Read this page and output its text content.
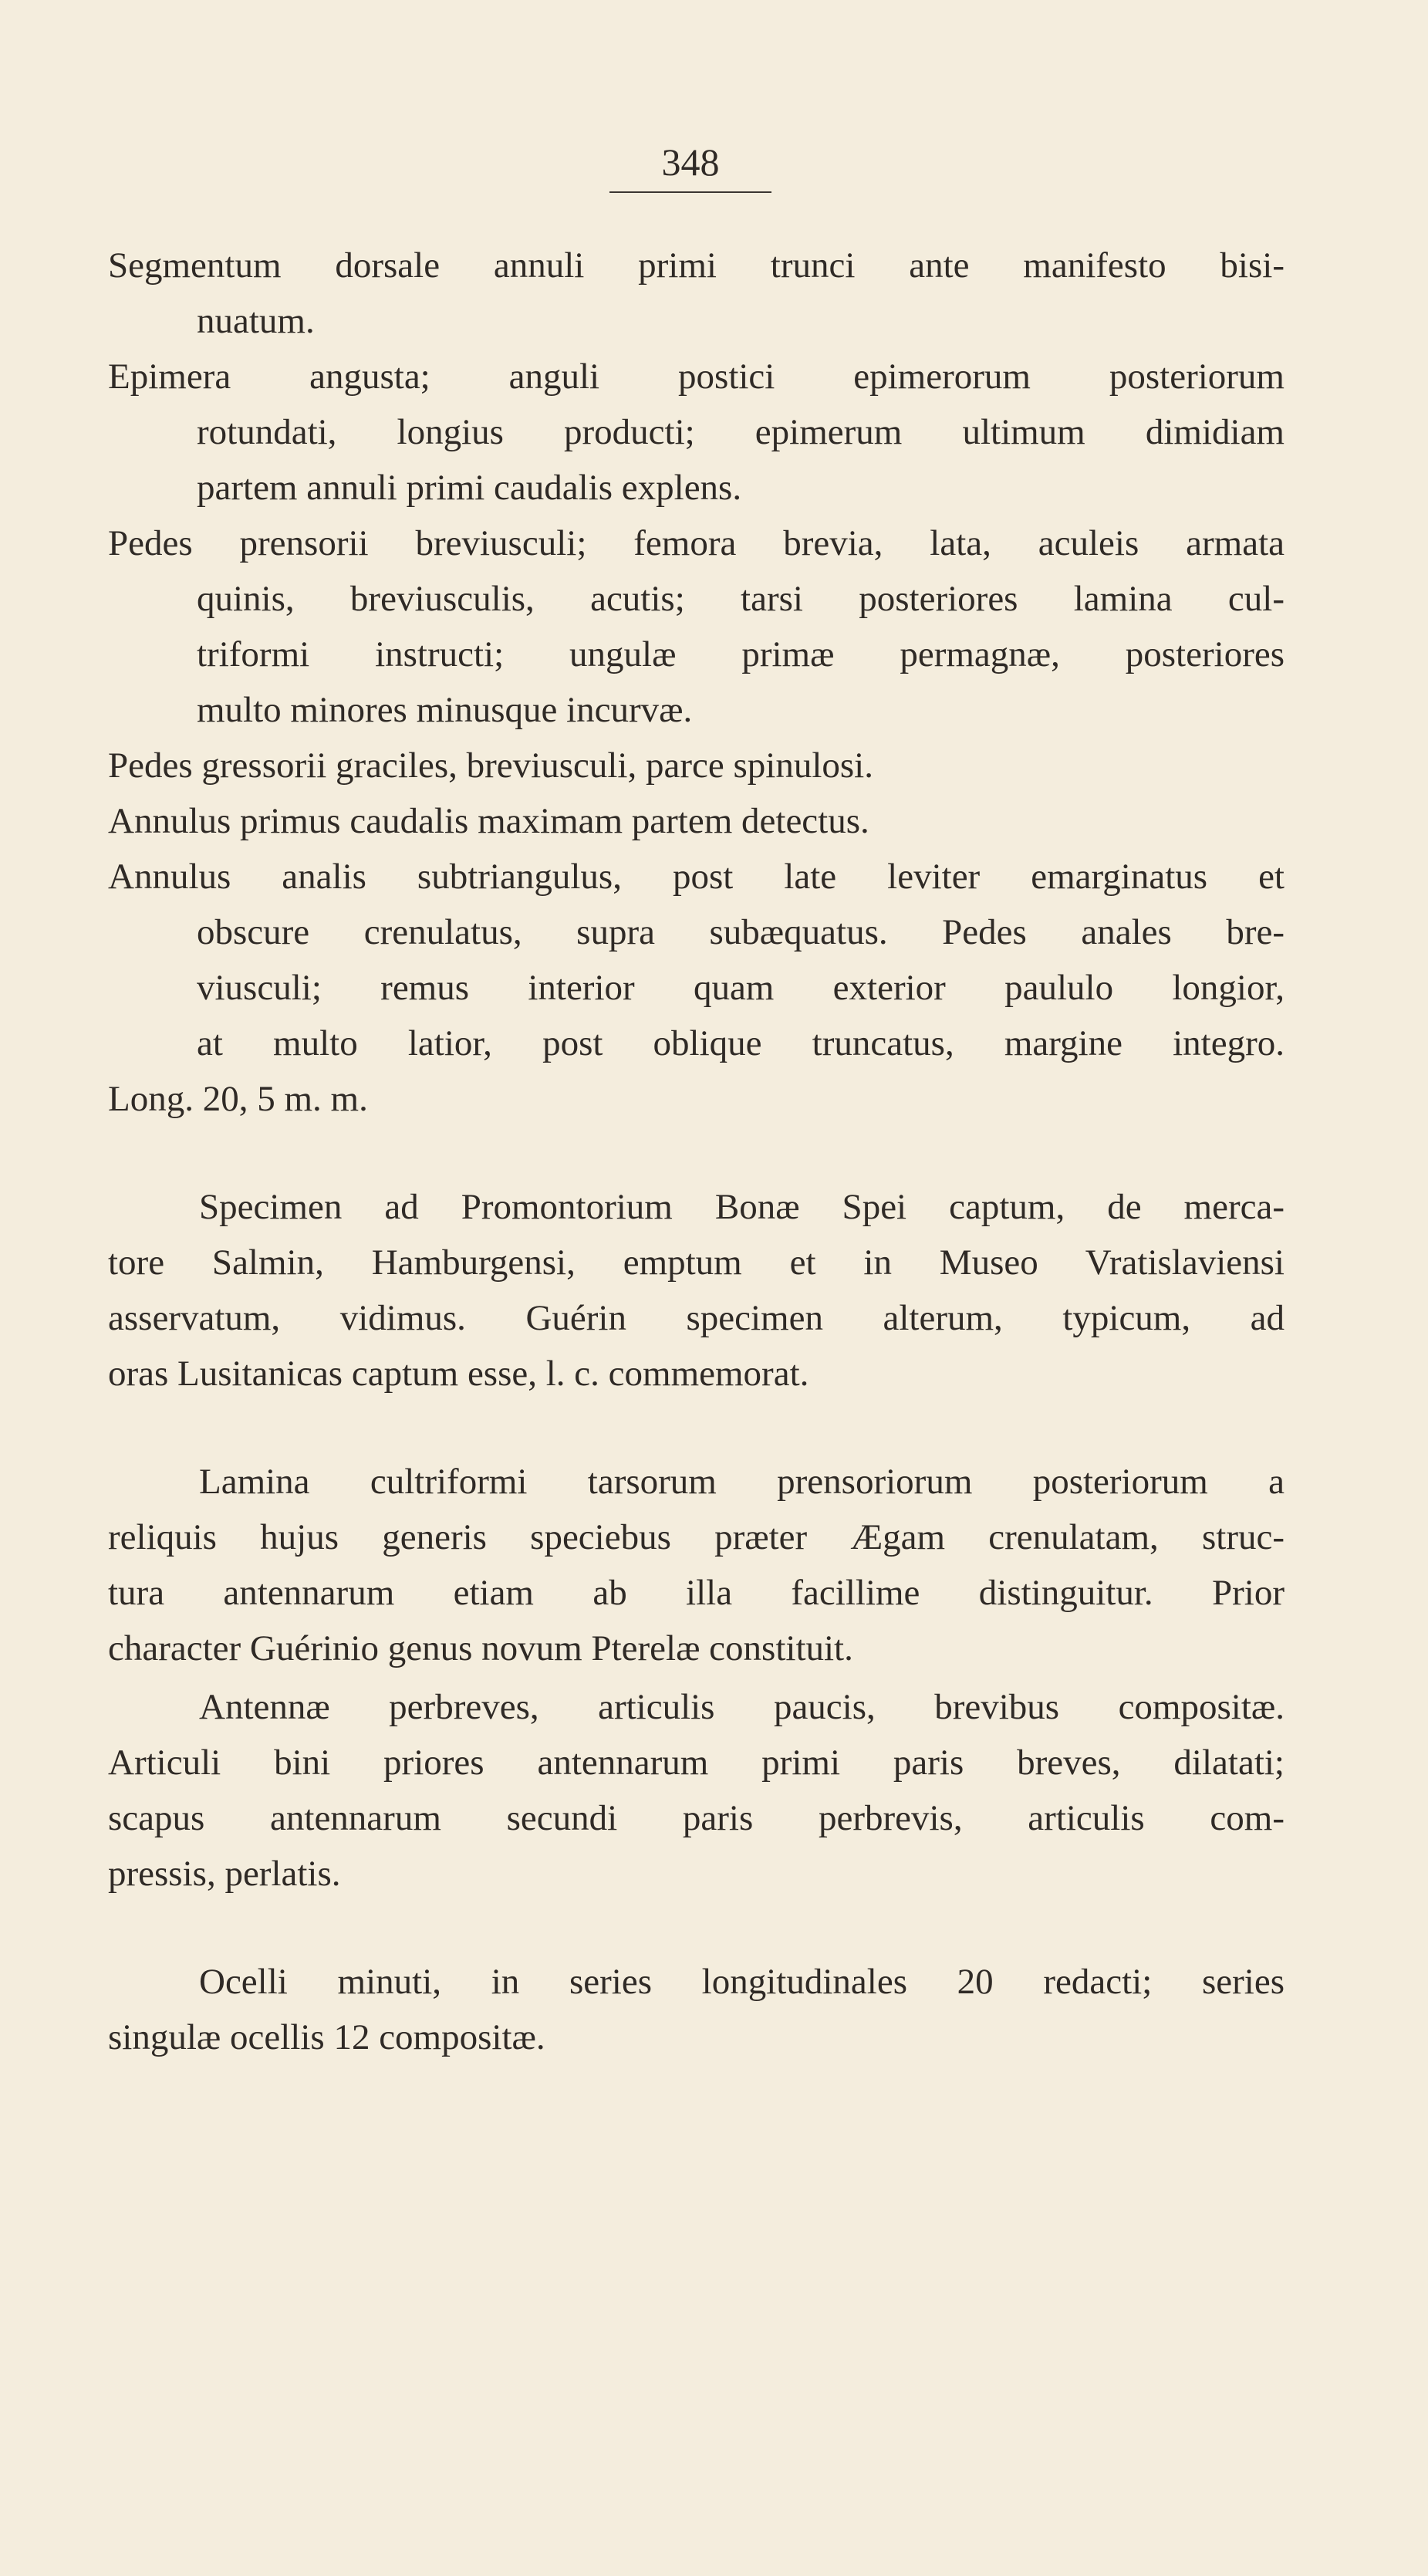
348
Segmentum dorsale annuli primi trunci ante manifesto bisi-
nuatum.
Epimera angusta; anguli postici epimerorum posteriorum
rotundati, longius producti; epimerum ultimum dimidiam
partem annuli primi caudalis explens.
Pedes prensorii breviusculi; femora brevia, lata, aculeis armata
quinis, breviusculis, acutis; tarsi posteriores lamina cul-
triformi instructi; ungulæ primæ permagnæ, posteriores
multo minores minusque incurvæ.
Pedes gressorii graciles, breviusculi, parce spinulosi.
Annulus primus caudalis maximam partem detectus.
Annulus analis subtriangulus, post late leviter emarginatus et
obscure crenulatus, supra subæquatus. Pedes anales bre-
viusculi; remus interior quam exterior paululo longior,
at multo latior, post oblique truncatus, margine integro.
Long. 20, 5 m. m.
Specimen ad Promontorium Bonæ Spei captum, de merca-
tore Salmin, Hamburgensi, emptum et in Museo Vratislaviensi
asservatum, vidimus. Guérin specimen alterum, typicum, ad
oras Lusitanicas captum esse, l. c. commemorat.
Lamina cultriformi tarsorum prensoriorum posteriorum a
reliquis hujus generis speciebus præter Ægam crenulatam, struc-
tura antennarum etiam ab illa facillime distinguitur. Prior
character Guérinio genus novum Pterelæ constituit.
Antennæ perbreves, articulis paucis, brevibus compositæ.
Articuli bini priores antennarum primi paris breves, dilatati;
scapus antennarum secundi paris perbrevis, articulis com-
pressis, perlatis.
Ocelli minuti, in series longitudinales 20 redacti; series
singulæ ocellis 12 compositæ.
